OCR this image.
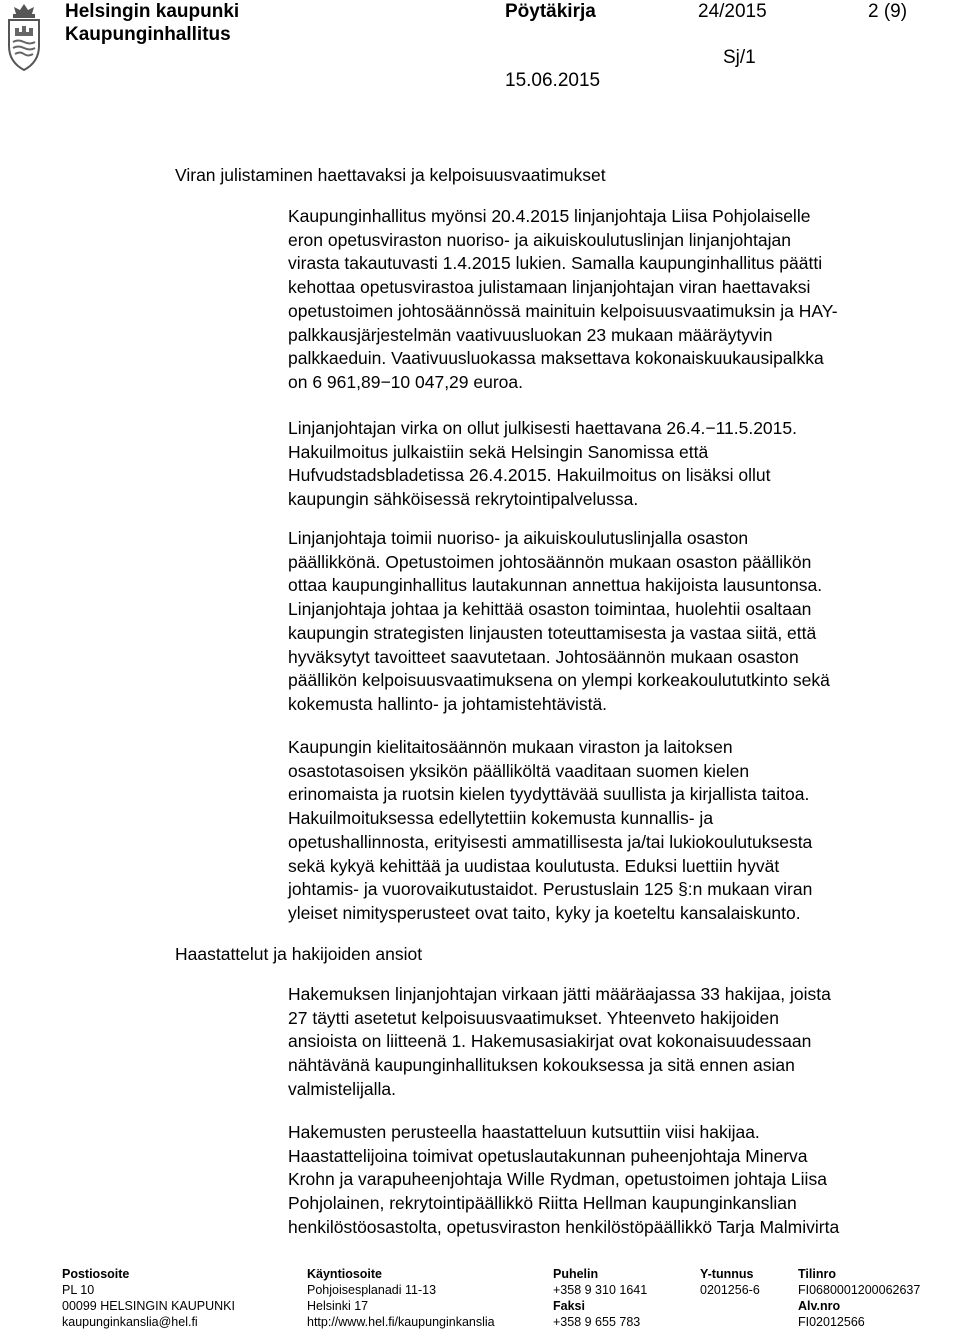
Helsingin kaupunki
Kaupunginhallitus
Pöytäkirja	24/2015	2 (9)
Sj/1
15.06.2015
Viran julistaminen haettavaksi ja kelpoisuusvaatimukset
Kaupunginhallitus myönsi 20.4.2015 linjanjohtaja Liisa Pohjolaiselle
eron opetusviraston nuoriso- ja aikuiskoulutuslinjan linjanjohtajan
virasta takautuvasti 1.4.2015 lukien. Samalla kaupunginhallitus päätti
kehottaa opetusvirastoa julistamaan linjanjohtajan viran haettavaksi
opetustoimen johtosäännössä mainituin kelpoisuusvaatimuksin ja HAY-
palkkausjärjestelmän vaativuusluokan 23 mukaan määräytyvin
palkkaeduin. Vaativuusluokassa maksettava kokonaiskuukausipalkka
on 6 961,89−10 047,29 euroa.
Linjanjohtajan virka on ollut julkisesti haettavana 26.4.−11.5.2015.
Hakuilmoitus julkaistiin sekä Helsingin Sanomissa että
Hufvudstadsbladetissa 26.4.2015. Hakuilmoitus on lisäksi ollut
kaupungin sähköisessä rekrytointipalvelussa.
Linjanjohtaja toimii nuoriso- ja aikuiskoulutuslinjalla osaston
päällikkönä. Opetustoimen johtosäännön mukaan osaston päällikön
ottaa kaupunginhallitus lautakunnan annettua hakijoista lausuntonsa.
Linjanjohtaja johtaa ja kehittää osaston toimintaa, huolehtii osaltaan
kaupungin strategisten linjausten toteuttamisesta ja vastaa siitä, että
hyväksytyt tavoitteet saavutetaan. Johtosäännön mukaan osaston
päällikön kelpoisuusvaatimuksena on ylempi korkeakoulututkinto sekä
kokemusta hallinto- ja johtamistehtävistä.
Kaupungin kielitaitosäännön mukaan viraston ja laitoksen
osastotasoisen yksikön päälliköltä vaaditaan suomen kielen
erinomaista ja ruotsin kielen tyydyttävää suullista ja kirjallista taitoa.
Hakuilmoituksessa edellytettiin kokemusta kunnallis- ja
opetushallinnosta, erityisesti ammatillisesta ja/tai lukiokoulutuksesta
sekä kykyä kehittää ja uudistaa koulutusta. Eduksi luettiin hyvät
johtamis- ja vuorovaikutustaidot. Perustuslain 125 §:n mukaan viran
yleiset nimitysperusteet ovat taito, kyky ja koeteltu kansalaiskunto.
Haastattelut ja hakijoiden ansiot
Hakemuksen linjanjohtajan virkaan jätti määräajassa 33 hakijaa, joista
27 täytti asetetut kelpoisuusvaatimukset. Yhteenveto hakijoiden
ansioista on liitteenä 1. Hakemusasiakirjat ovat kokonaisuudessaan
nähtävänä kaupunginhallituksen kokouksessa ja sitä ennen asian
valmistelijalla.
Hakemusten perusteella haastatteluun kutsuttiin viisi hakijaa.
Haastattelijoina toimivat opetuslautakunnan puheenjohtaja Minerva
Krohn ja varapuheenjohtaja Wille Rydman, opetustoimen johtaja Liisa
Pohjolainen, rekrytointipäällikkö Riitta Hellman kaupunginkanslian
henkilöstöosastolta, opetusviraston henkilöstöpäällikkö Tarja Malmivirta
Postiosoite
PL 10
00099 HELSINGIN KAUPUNKI
kaupunginkanslia@hel.fi
Käyntiosoite
Pohjoisesplanadi 11-13
Helsinki 17
http://www.hel.fi/kaupunginkanslia
Puhelin
+358 9 310 1641
Faksi
+358 9 655 783
Y-tunnus
0201256-6
Tilinro
FI0680001200062637
Alv.nro
FI02012566
